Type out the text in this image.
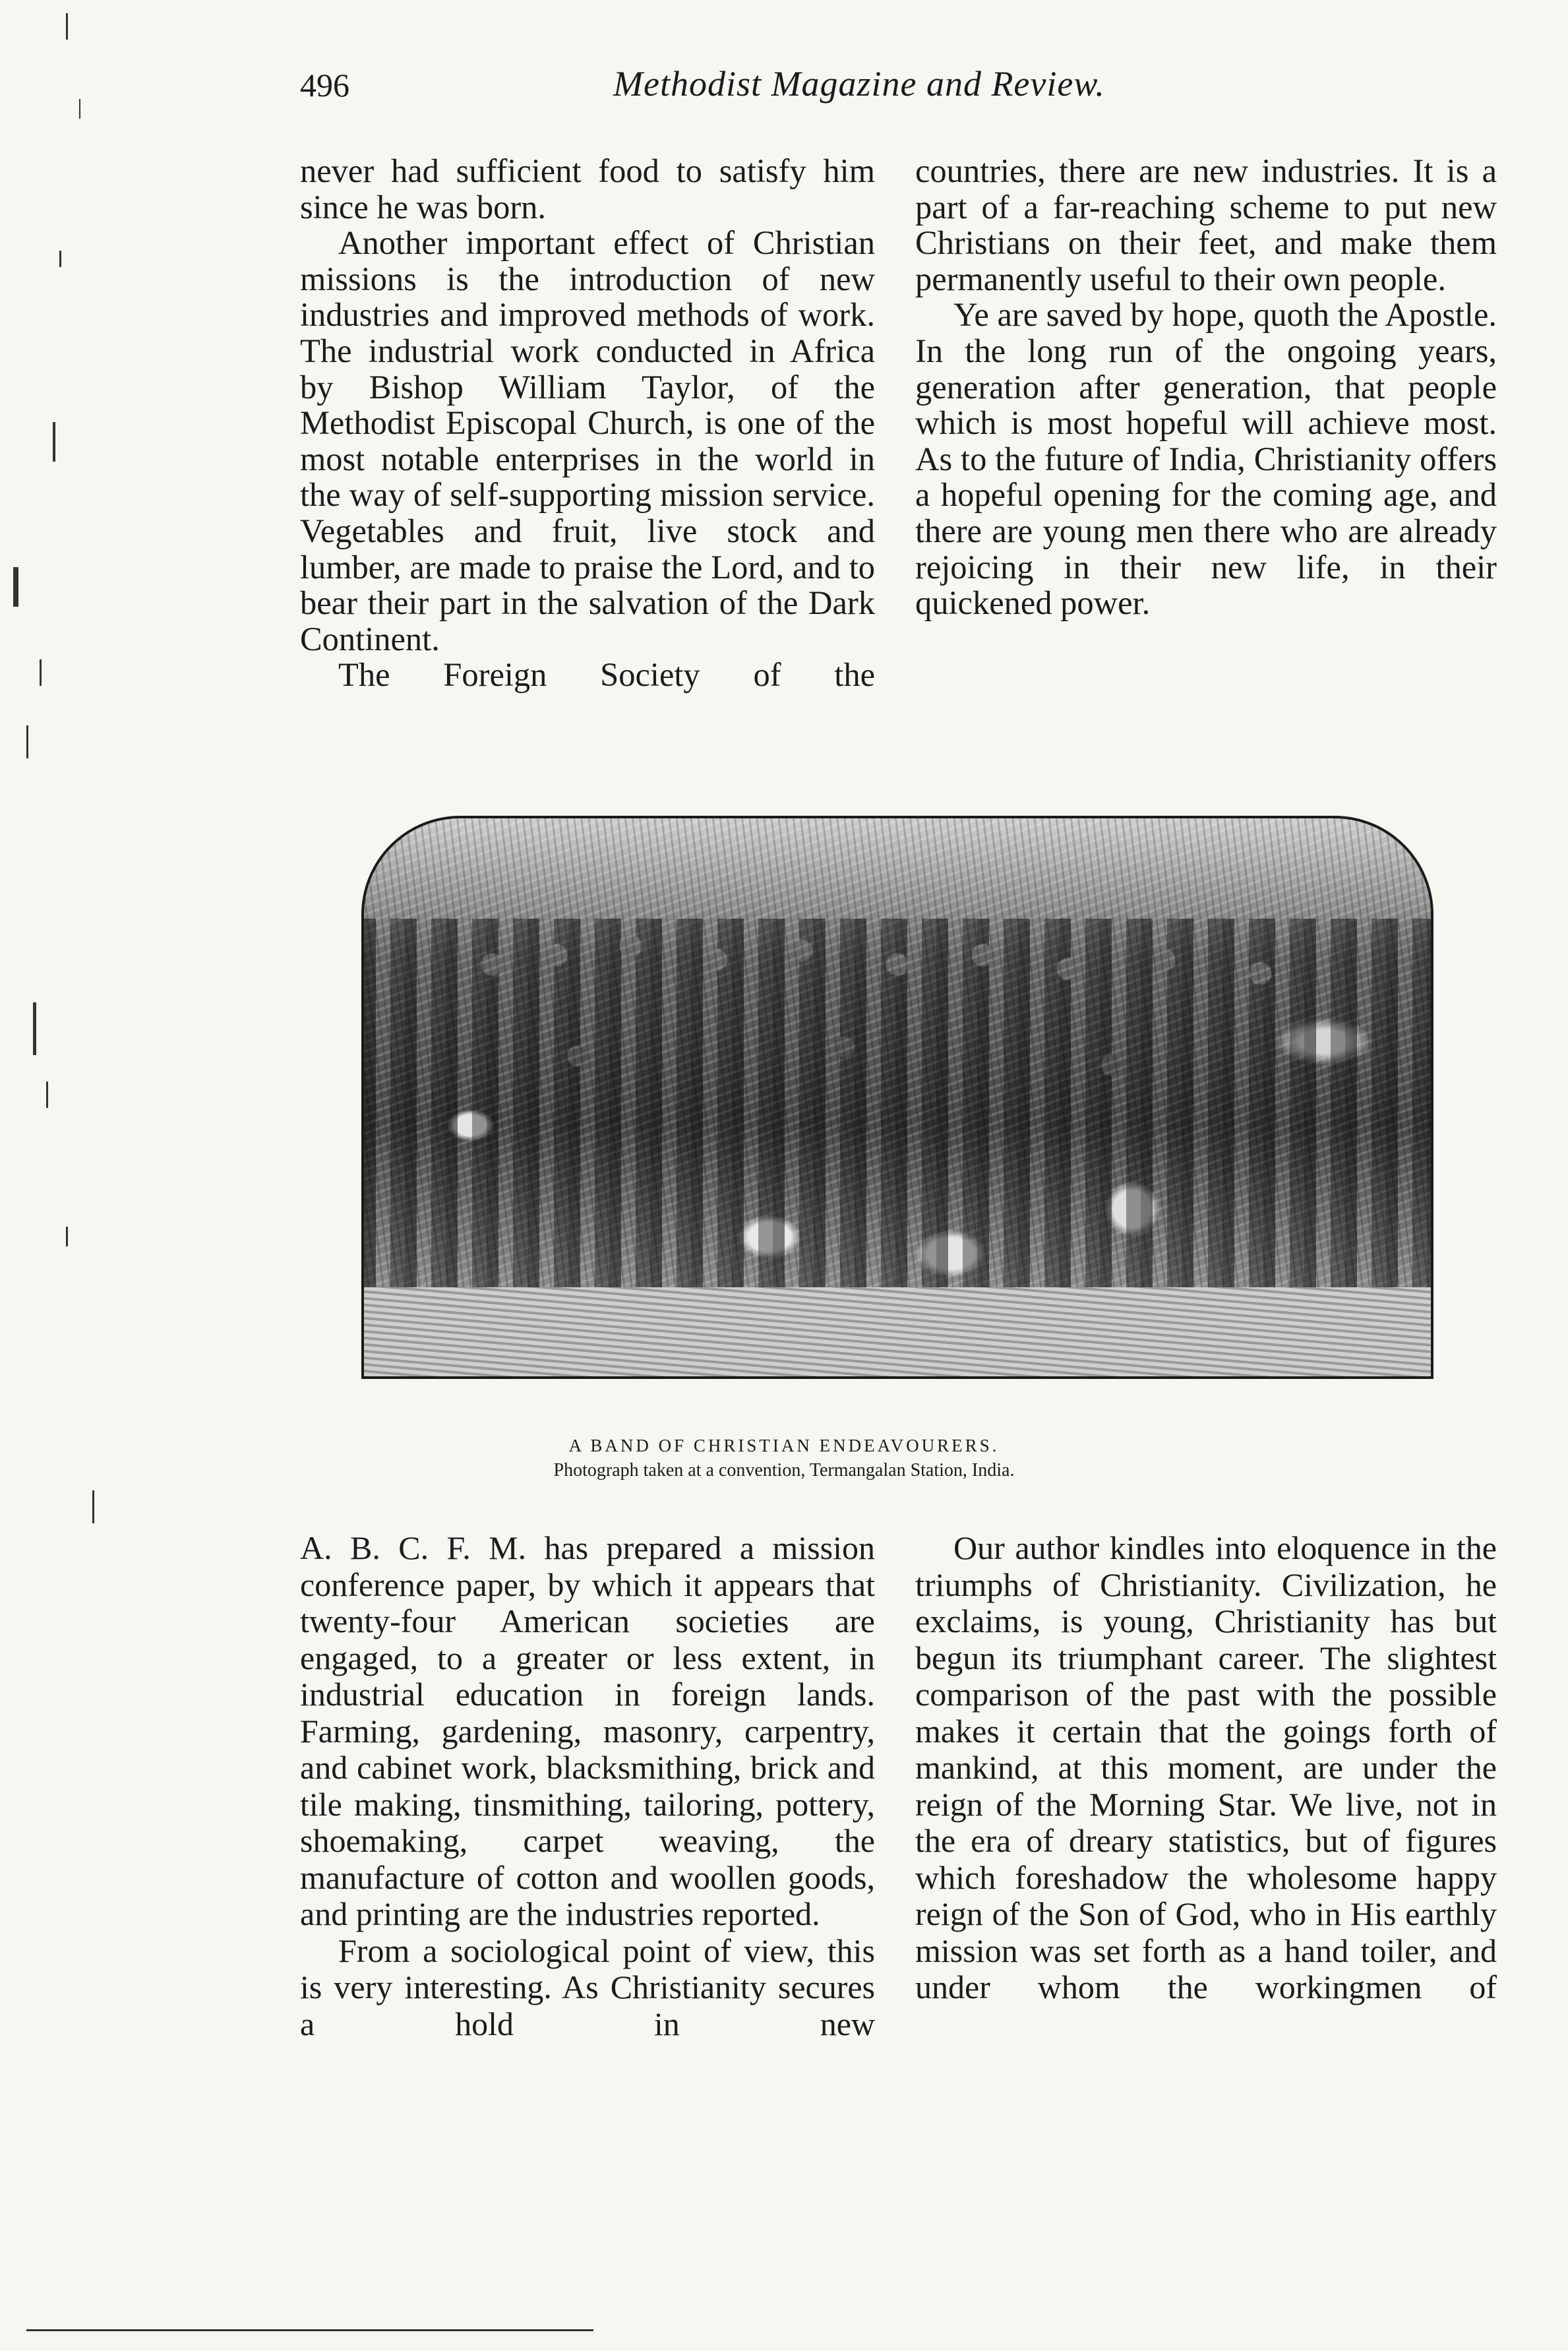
496	Methodist Magazine and Review.

never had sufficient food to satisfy him since he was born.

Another important effect of Christian missions is the introduction of new industries and improved methods of work. The industrial work conducted in Africa by Bishop William Taylor, of the Methodist Episcopal Church, is one of the most notable enterprises in the world in the way of self-supporting mission service. Vegetables and fruit, live stock and lumber, are made to praise the Lord, and to bear their part in the salvation of the Dark Continent.

The Foreign Society of the

countries, there are new industries. It is a part of a far-reaching scheme to put new Christians on their feet, and make them permanently useful to their own people.

Ye are saved by hope, quoth the Apostle. In the long run of the ongoing years, generation after generation, that people which is most hopeful will achieve most. As to the future of India, Christianity offers a hopeful opening for the coming age, and there are young men there who are already rejoicing in their new life, in their quickened power.

A BAND OF CHRISTIAN ENDEAVOURERS.
Photograph taken at a convention, Termangalan Station, India.

A. B. C. F. M. has prepared a mission conference paper, by which it appears that twenty-four American societies are engaged, to a greater or less extent, in industrial education in foreign lands. Farming, gardening, masonry, carpentry, and cabinet work, blacksmithing, brick and tile making, tinsmithing, tailoring, pottery, shoemaking, carpet weaving, the manufacture of cotton and woollen goods, and printing are the industries reported.

From a sociological point of view, this is very interesting. As Christianity secures a hold in new

Our author kindles into eloquence in the triumphs of Christianity. Civilization, he exclaims, is young, Christianity has but begun its triumphant career. The slightest comparison of the past with the possible makes it certain that the goings forth of mankind, at this moment, are under the reign of the Morning Star. We live, not in the era of dreary statistics, but of figures which foreshadow the wholesome happy reign of the Son of God, who in His earthly mission was set forth as a hand toiler, and under whom the workingmen of
